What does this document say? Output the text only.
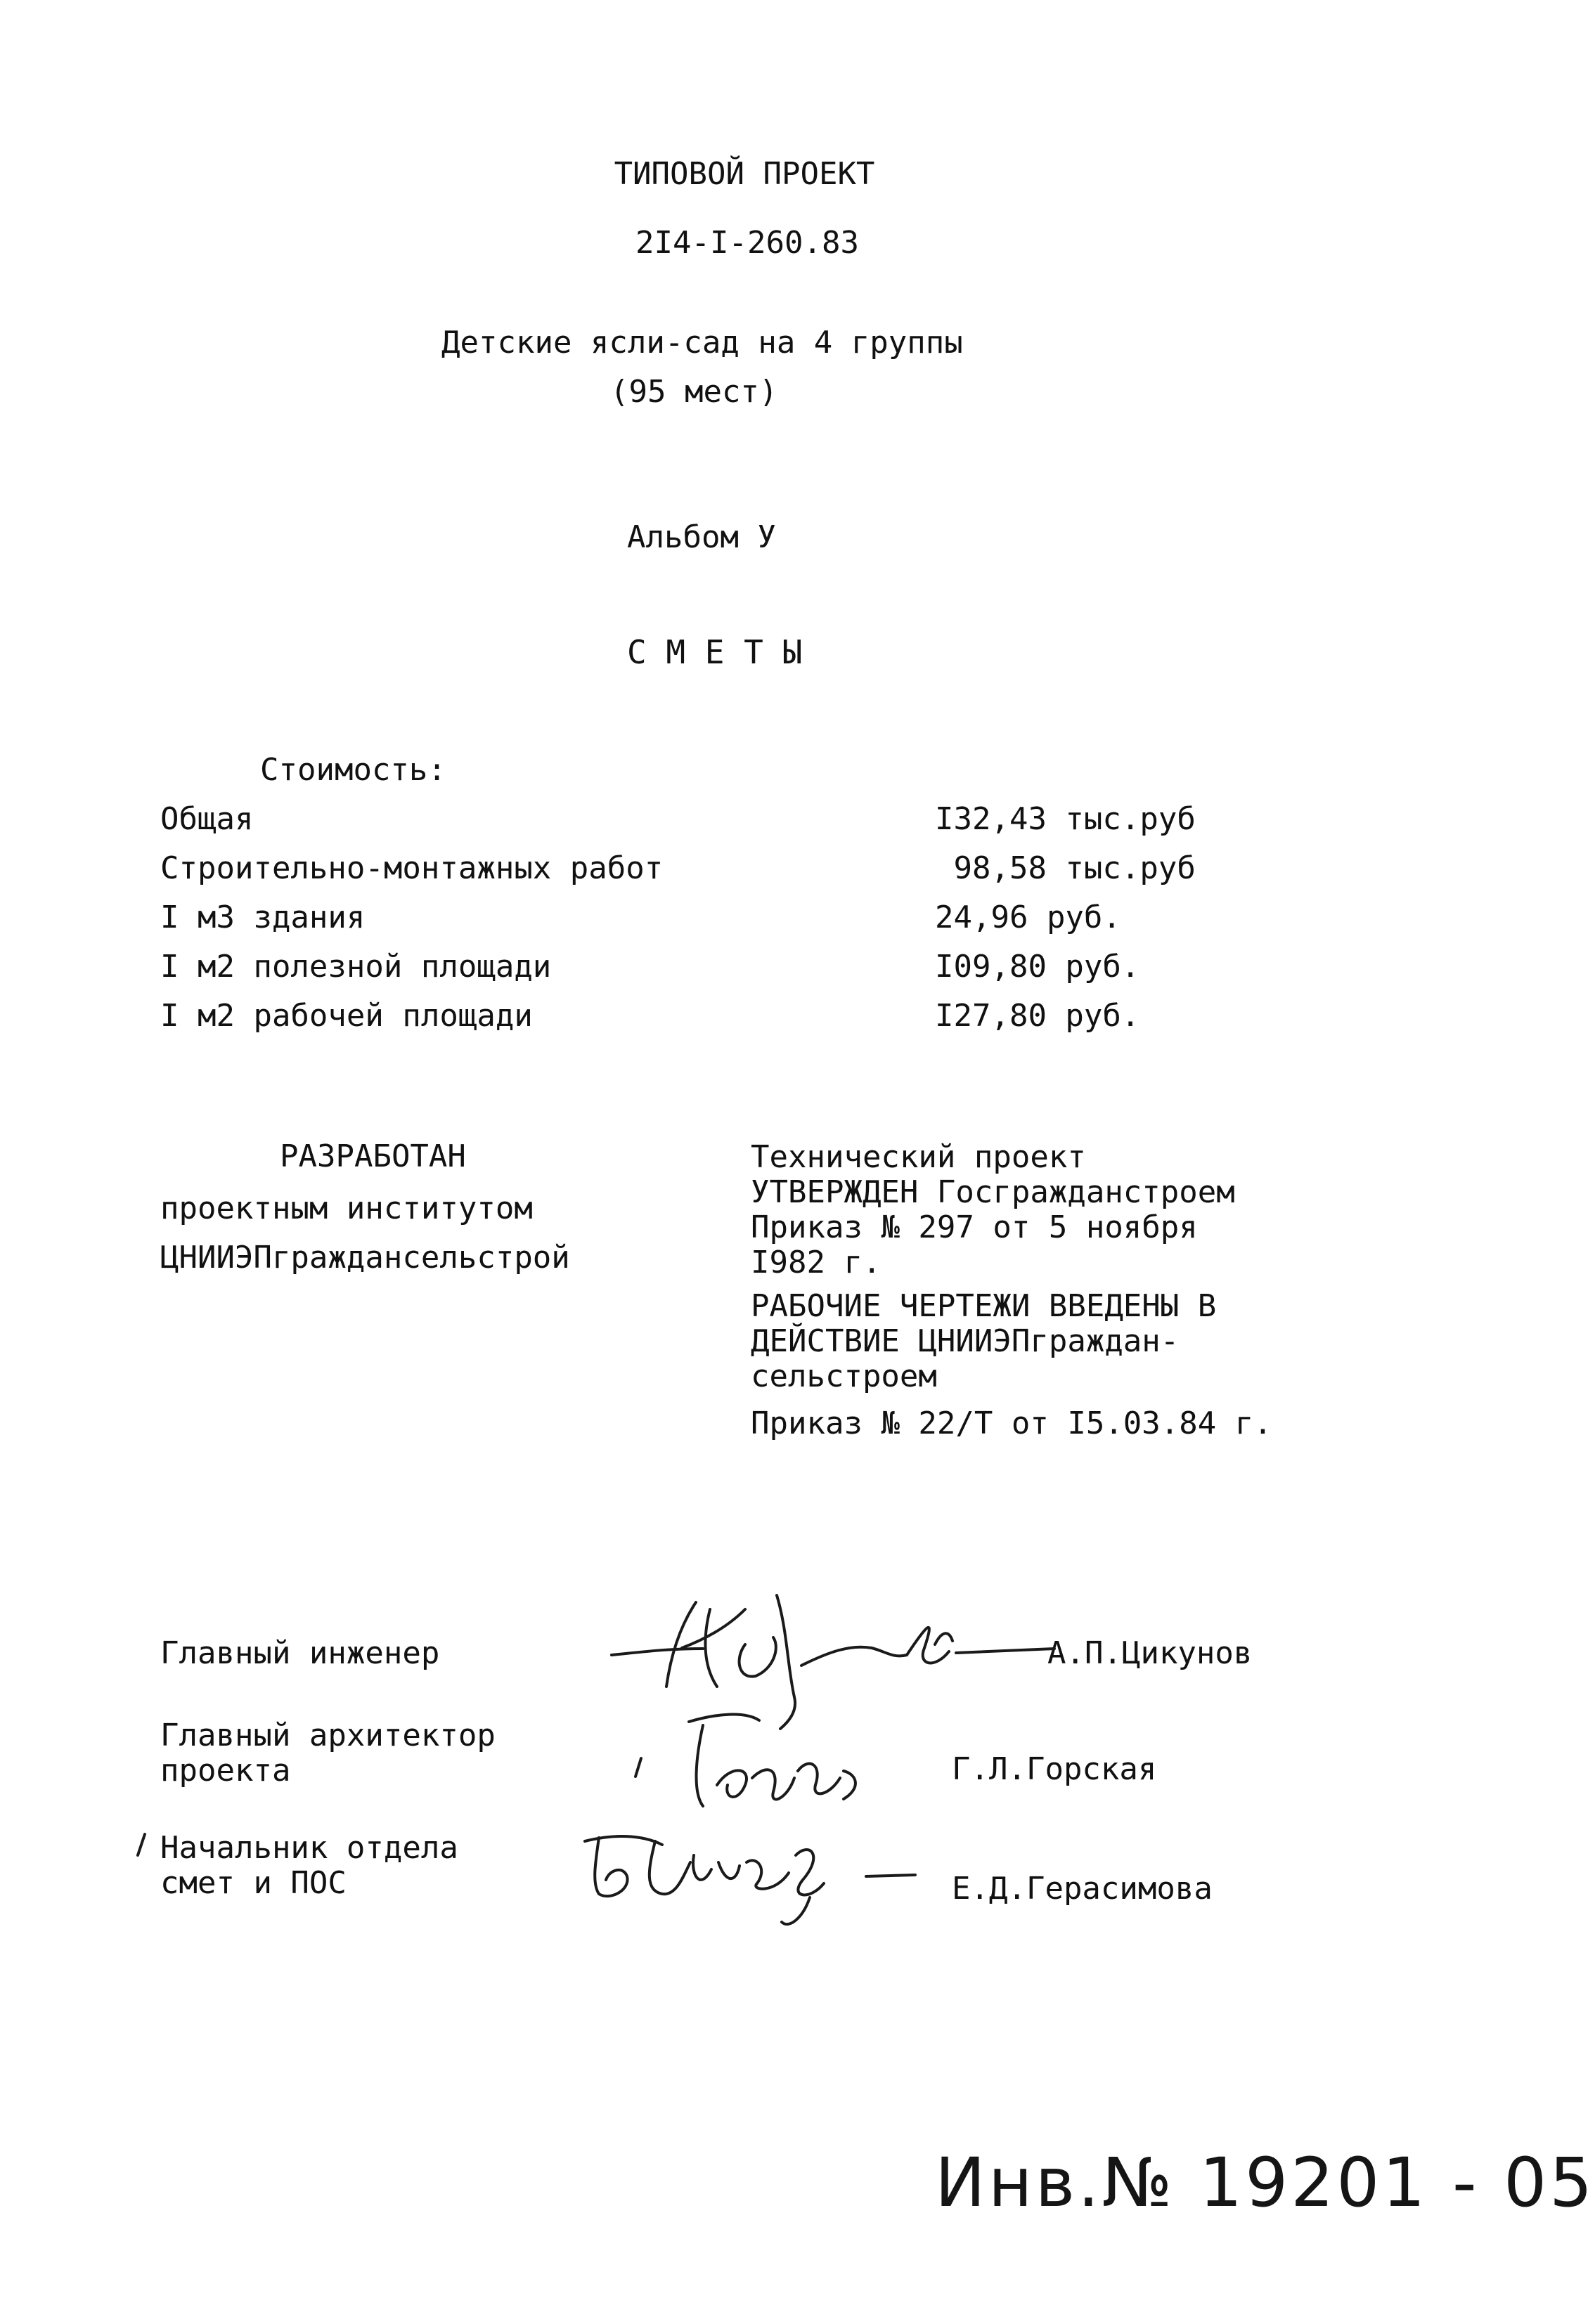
ТИПОВОЙ ПРОЕКТ
2I4-I-260.83
Детские ясли-сад на 4 группы
(95 мест)
Альбом У
С М Е Т Ы
Стоимость:
Общая	I32,43 тыс.руб
Строительно-монтажных работ	98,58 тыс.руб
I м3 здания	24,96 руб.
I м2 полезной площади	I09,80 руб.
I м2 рабочей площади	I27,80 руб.
РАЗРАБОТАН
проектным институтом
ЦНИИЭПграждансельстрой
Технический проект
УТВЕРЖДЕН Госгражданстроем
Приказ № 297 от 5 ноября
I982 г.
РАБОЧИЕ ЧЕРТЕЖИ ВВЕДЕНЫ В
ДЕЙСТВИЕ ЦНИИЭПграждан-
сельстроем
Приказ № 22/Т от I5.03.84 г.
Главный инженер	А.П.Цикунов
Главный архитектор
проекта	Г.Л.Горская
Начальник отдела
смет и ПОС	Е.Д.Герасимова
Инв.№ 19201 - 05
